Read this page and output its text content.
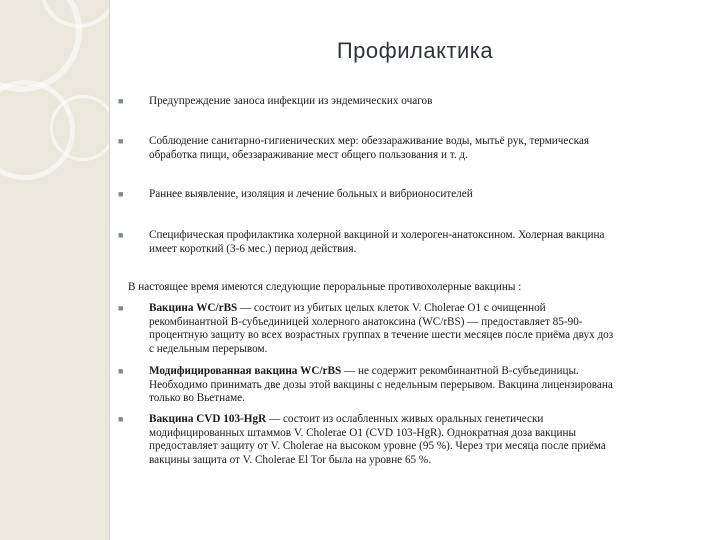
Профилактика
■ Предупреждение заноса инфекции из эндемических очагов
■ Соблюдение санитарно-гигиенических мер: обеззараживание воды, мытьё рук, термическая
обработка пищи, обеззараживание мест общего пользования и т. д.
■ Раннее выявление, изоляция и лечение больных и вибрионосителей
■ Специфическая профилактика холерной вакциной и холероген-анатоксином. Холерная вакцина
имеет короткий (3-6 мес.) период действия.
В настоящее время имеются следующие пероральные противохолерные вакцины :
■ Вакцина WC/rBS — состоит из убитых целых клеток V. Cholerae O1 с очищенной
рекомбинантной B-субъединицей холерного анатоксина (WC/rBS) — предоставляет 85-90-
процентную защиту во всех возрастных группах в течение шести месяцев после приёма двух доз
с недельным перерывом.
■ Модифицированная вакцина WC/rBS — не содержит рекомбинантной B-субъединицы.
Необходимо принимать две дозы этой вакцины с недельным перерывом. Вакцина лицензирована
только во Вьетнаме.
■ Вакцина CVD 103-HgR — состоит из ослабленных живых оральных генетически
модифицированных штаммов V. Cholerae O1 (CVD 103-HgR). Однократная доза вакцины
предоставляет защиту от V. Cholerae на высоком уровне (95 %). Через три месяца после приёма
вакцины защита от V. Cholerae El Tor была на уровне 65 %.
